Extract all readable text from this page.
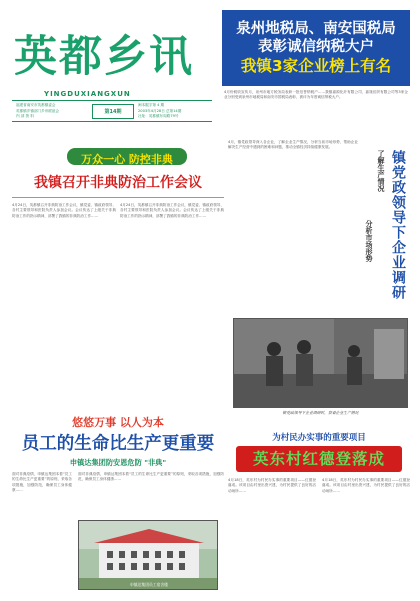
英都乡讯
YINGDUXIANGXUN
福建省南安市英都镇委会
英都镇乡镇部门乡讯联谊会
内 部 资 料
第14期
闽本服字第 4 期
2003年4月28日 总第14期
社址：英都镇东周路79号
泉州地税局、南安国税局
表彰诚信纳税大户
我镇3家企业榜上有名
4月份税收宣传月，泉州市地方税务局表彰一批信誉纳税户……我镇嘉源化纤有限公司、嘉晟纺织有限公司等3家企业分别受到泉州市地税局和南安市国税局表彰，被评为年度诚信纳税大户。
万众一心 防控非典
我镇召开非典防治工作会议
4月24日，英都镇召开非典防治工作会议，镇党委、镇政府领导、各村主要领导和医院负责人参加会议。会议传达了上级关于非典防治工作的指示精神，部署了我镇的非典防治工作……
4月24日，英都镇召开非典防治工作会议，镇党委、镇政府领导、各村主要领导和医院负责人参加会议。会议传达了上级关于非典防治工作的指示精神，部署了我镇的非典防治工作……
4月，镇党政领导深入各企业，了解企业生产情况，分析当前市场形势，帮助企业解决生产经营中遇到的困难和问题，推动全镇经济持续健康发展。
镇党政领导下企业调研
了解生产情况
分析市场形势
镇党政领导下企业调研时，察看企业生产情况
悠悠万事 以人为本
员工的生命比生产更重要
申镇达集团防安恩危防 "非典"
面对非典疫情，申镇达集团本着“员工的生命比生产更重要”的原则，采取各项措施，加强防范，确保员工身体健康……
面对非典疫情，申镇达集团本着“员工的生命比生产更重要”的原则，采取各项措施，加强防范，确保员工身体健康……
申镇达集团员工宿舍楼
为村民办实事的重要项目
英东村红德登落成
4月18日，英东村为村民办实事的重要项目——红德登落成。该项目由村里出资兴建，为村民提供了良好的活动场所……
4月18日，英东村为村民办实事的重要项目——红德登落成。该项目由村里出资兴建，为村民提供了良好的活动场所……
